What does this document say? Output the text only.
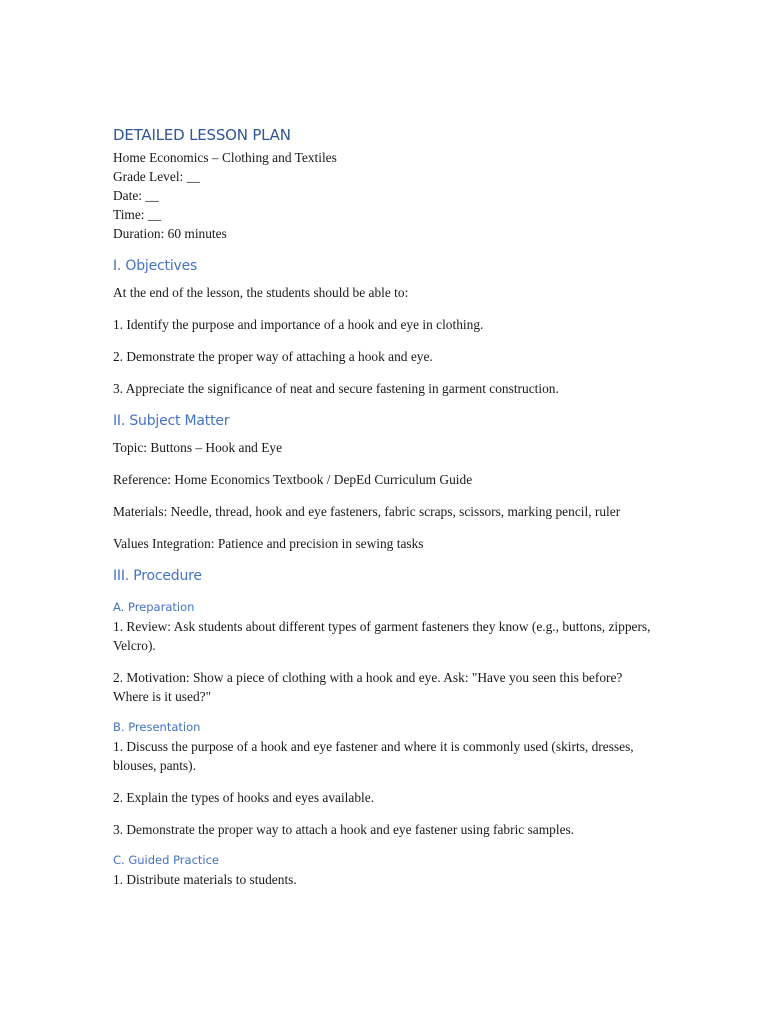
DETAILED LESSON PLAN

Home Economics – Clothing and Textiles

Grade Level: __

Date: __

Time: __

Duration: 60 minutes

I. Objectives

At the end of the lesson, the students should be able to:

1. Identify the purpose and importance of a hook and eye in clothing.

2. Demonstrate the proper way of attaching a hook and eye.

3. Appreciate the significance of neat and secure fastening in garment construction.

II. Subject Matter

Topic: Buttons – Hook and Eye

Reference: Home Economics Textbook / DepEd Curriculum Guide

Materials: Needle, thread, hook and eye fasteners, fabric scraps, scissors, marking pencil, ruler

Values Integration: Patience and precision in sewing tasks

III. Procedure
A. Preparation

1. Review: Ask students about different types of garment fasteners they know (e.g., buttons, zippers, Velcro).

2. Motivation: Show a piece of clothing with a hook and eye. Ask: "Have you seen this before? Where is it used?"

B. Presentation

1. Discuss the purpose of a hook and eye fastener and where it is commonly used (skirts, dresses, blouses, pants).

2. Explain the types of hooks and eyes available.

3. Demonstrate the proper way to attach a hook and eye fastener using fabric samples.

C. Guided Practice

1. Distribute materials to students.
